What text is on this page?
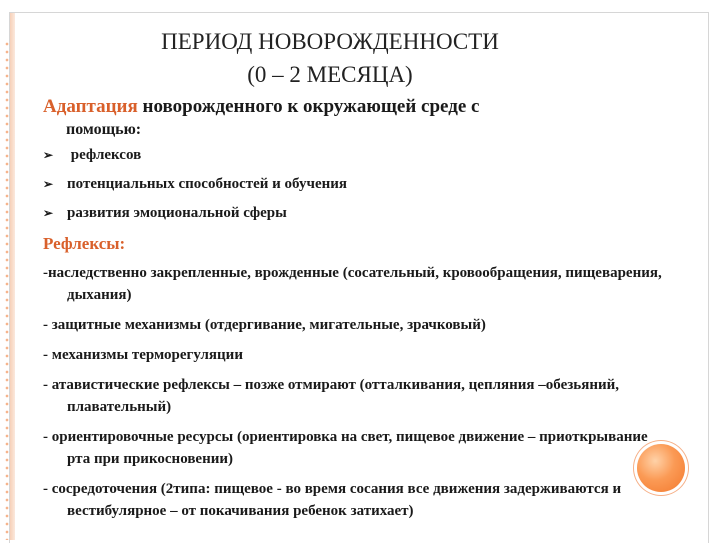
ПЕРИОД НОВОРОЖДЕННОСТИ
(0 – 2 МЕСЯЦА)
Адаптация новорожденного к окружающей среде с
помощью:
➢ рефлексов
➢ потенциальных способностей и обучения
➢ развития эмоциональной сферы
Рефлексы:
-наследственно закрепленные, врожденные (сосательный, кровообращения, пищеварения, дыхания)
- защитные механизмы (отдергивание, мигательные, зрачковый)
- механизмы терморегуляции
- атавистические рефлексы – позже отмирают (отталкивания, цепляния –обезьяний, плавательный)
- ориентировочные ресурсы (ориентировка на свет, пищевое движение – приоткрывание рта при прикосновении)
- сосредоточения (2типа: пищевое - во время сосания все движения задерживаются и вестибулярное – от покачивания ребенок затихает)
